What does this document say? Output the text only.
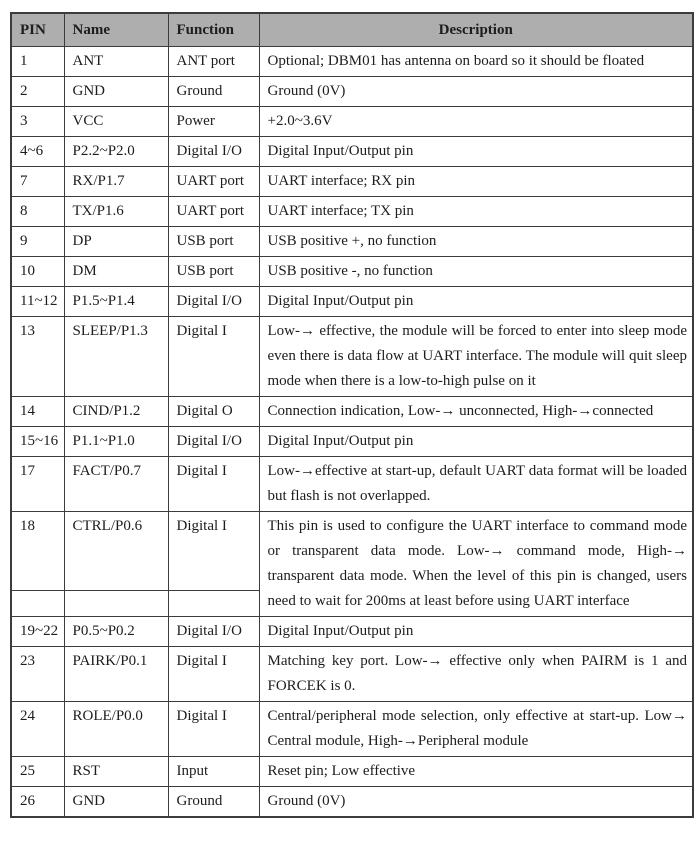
PIN	Name	Function	Description
1	ANT	ANT port	Optional; DBM01 has antenna on board so it should be floated
2	GND	Ground	Ground (0V)
3	VCC	Power	+2.0~3.6V
4~6	P2.2~P2.0	Digital I/O	Digital Input/Output pin
7	RX/P1.7	UART port	UART interface; RX pin
8	TX/P1.6	UART port	UART interface; TX pin
9	DP	USB port	USB positive +, no function
10	DM	USB port	USB positive -, no function
11~12	P1.5~P1.4	Digital I/O	Digital Input/Output pin
13	SLEEP/P1.3	Digital I	Low-→ effective, the module will be forced to enter into sleep mode even there is data flow at UART interface. The module will quit sleep mode when there is a low-to-high pulse on it
14	CIND/P1.2	Digital O	Connection indication, Low-→ unconnected, High-→connected
15~16	P1.1~P1.0	Digital I/O	Digital Input/Output pin
17	FACT/P0.7	Digital I	Low-→effective at start-up, default UART data format will be loaded but flash is not overlapped.
18	CTRL/P0.6	Digital I	This pin is used to configure the UART interface to command mode or transparent data mode. Low-→ command mode, High-→ transparent data mode. When the level of this pin is changed, users need to wait for 200ms at least before using UART interface

19~22	P0.5~P0.2	Digital I/O	Digital Input/Output pin
23	PAIRK/P0.1	Digital I	Matching key port. Low-→ effective only when PAIRM is 1 and FORCEK is 0.
24	ROLE/P0.0	Digital I	Central/peripheral mode selection, only effective at start-up. Low→ Central module, High-→Peripheral module
25	RST	Input	Reset pin; Low effective
26	GND	Ground	Ground (0V)
